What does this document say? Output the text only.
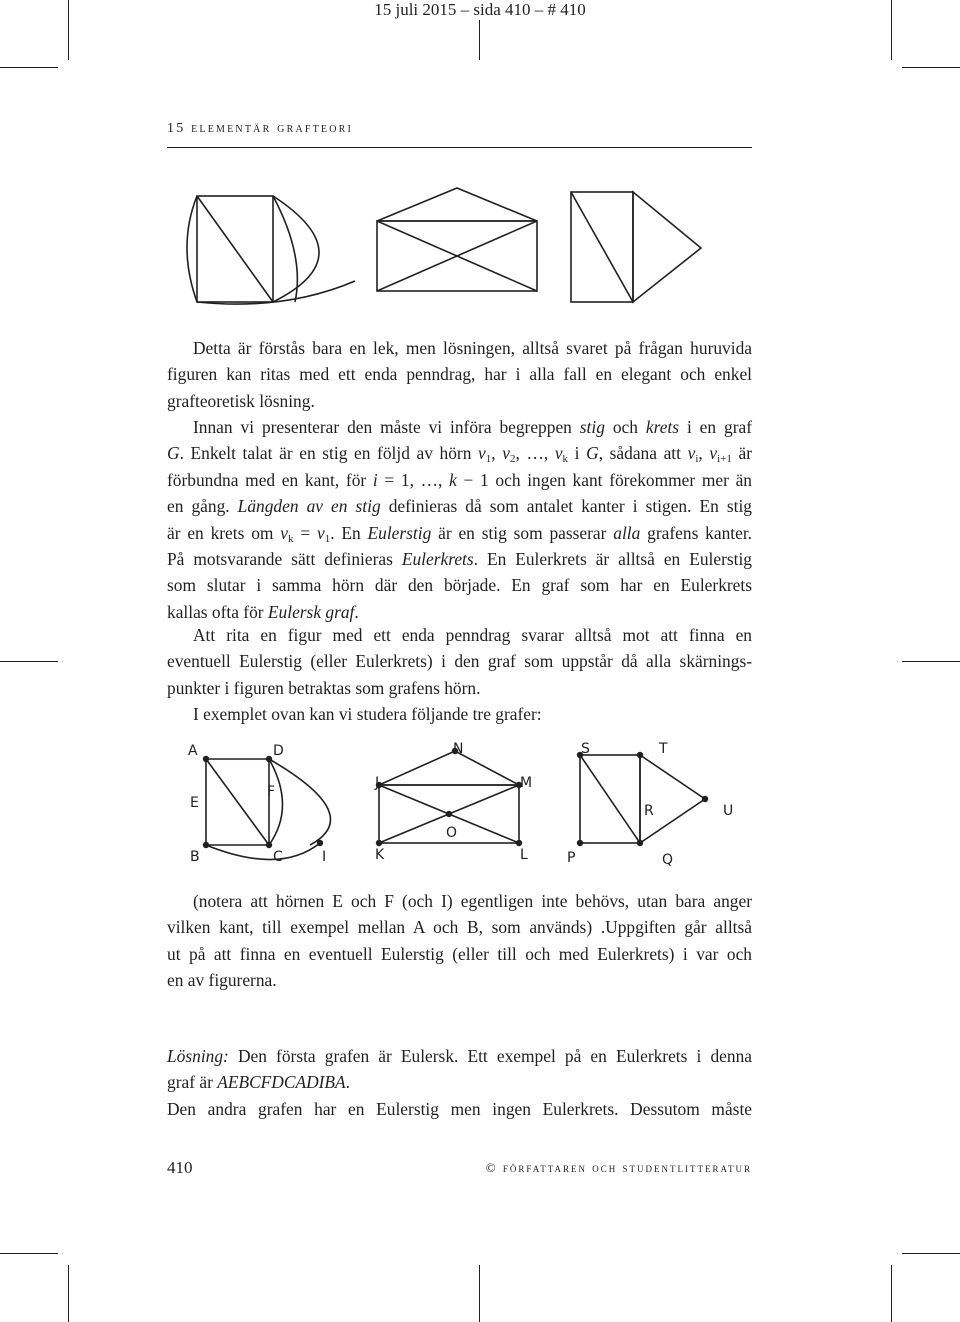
15 juli 2015 – sida 410 – # 410
15 elementär grafteori
Detta är förstås bara en lek, men lösningen, alltså svaret på frågan huruvida
figuren kan ritas med ett enda penndrag, har i alla fall en elegant och enkel
grafteoretisk lösning.
Innan vi presenterar den måste vi införa begreppen stig och krets i en graf
G. Enkelt talat är en stig en följd av hörn $v_1$, $v_2$, …, $v_k$ i G, sådana att $v_i$, $v_{i+1}$ är
förbundna med en kant, för i = 1, …, k − 1 och ingen kant förekommer mer än
en gång. Längden av en stig definieras då som antalet kanter i stigen. En stig
är en krets om $v_k = v_1$. En Eulerstig är en stig som passerar alla grafens kanter.
På motsvarande sätt definieras Eulerkrets. En Eulerkrets är alltså en Eulerstig
som slutar i samma hörn där den började. En graf som har en Eulerkrets
kallas ofta för Eulersk graf.
Att rita en figur med ett enda penndrag svarar alltså mot att finna en
eventuell Eulerstig (eller Eulerkrets) i den graf som uppstår då alla skärnings-
punkter i figuren betraktas som grafens hörn.
I exemplet ovan kan vi studera följande tre grafer:
A	D
E
F
B	C	I
N
J	M
O
K	L
S	T
R	U
P	Q
(notera att hörnen E och F (och I) egentligen inte behövs, utan bara anger
vilken kant, till exempel mellan A och B, som används) .Uppgiften går alltså
ut på att finna en eventuell Eulerstig (eller till och med Eulerkrets) i var och
en av figurerna.
Lösning: Den första grafen är Eulersk. Ett exempel på en Eulerkrets i denna
graf är AEBCFDCADIBA.
Den andra grafen har en Eulerstig men ingen Eulerkrets. Dessutom måste
410	© författaren och studentlitteratur
